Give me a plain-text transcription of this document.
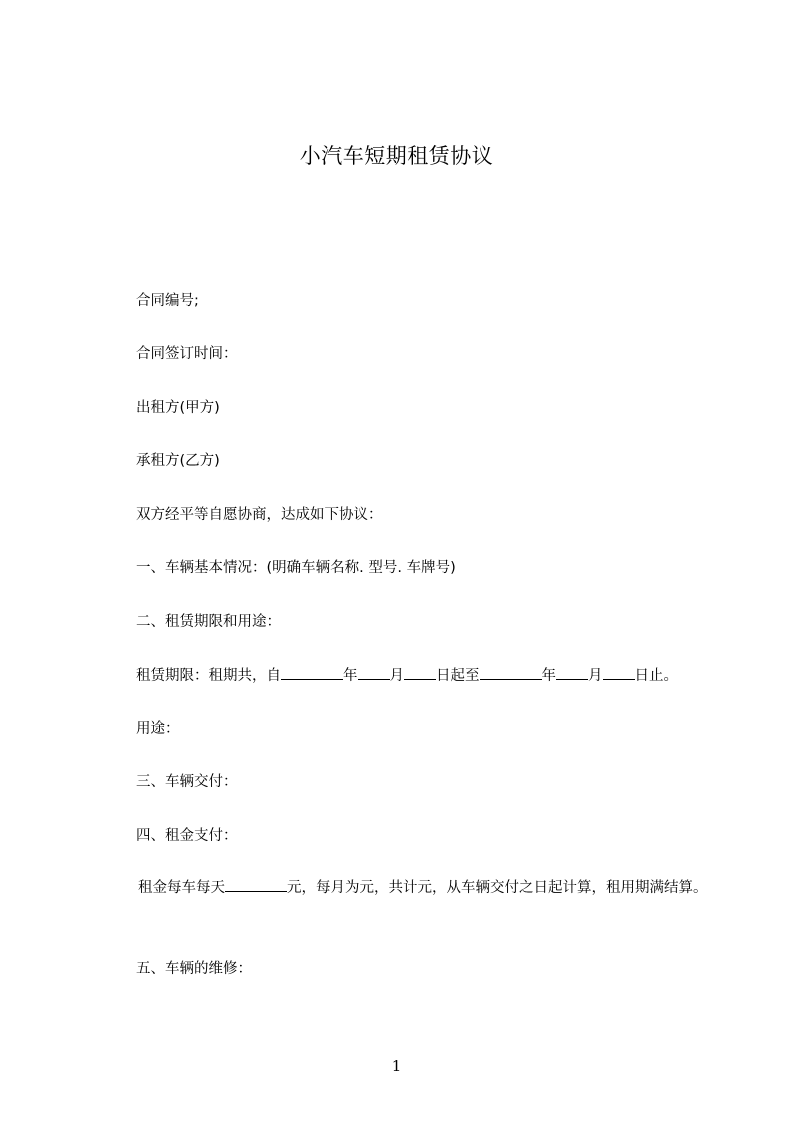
小汽车短期租赁协议
合同编号;
合同签订时间：
出租方(甲方)
承租方(乙方)
双方经平等自愿协商，达成如下协议：
一、车辆基本情况：(明确车辆名称. 型号. 车牌号)
二、租赁期限和用途：
租赁期限：租期共，自	年 月 日起至	年 月 日止。
用途：
三、车辆交付：
四、租金支付：
租金每车每天	元，每月为元，共计元，从车辆交付之日起计算，租用期满结算。
五、车辆的维修：
1
